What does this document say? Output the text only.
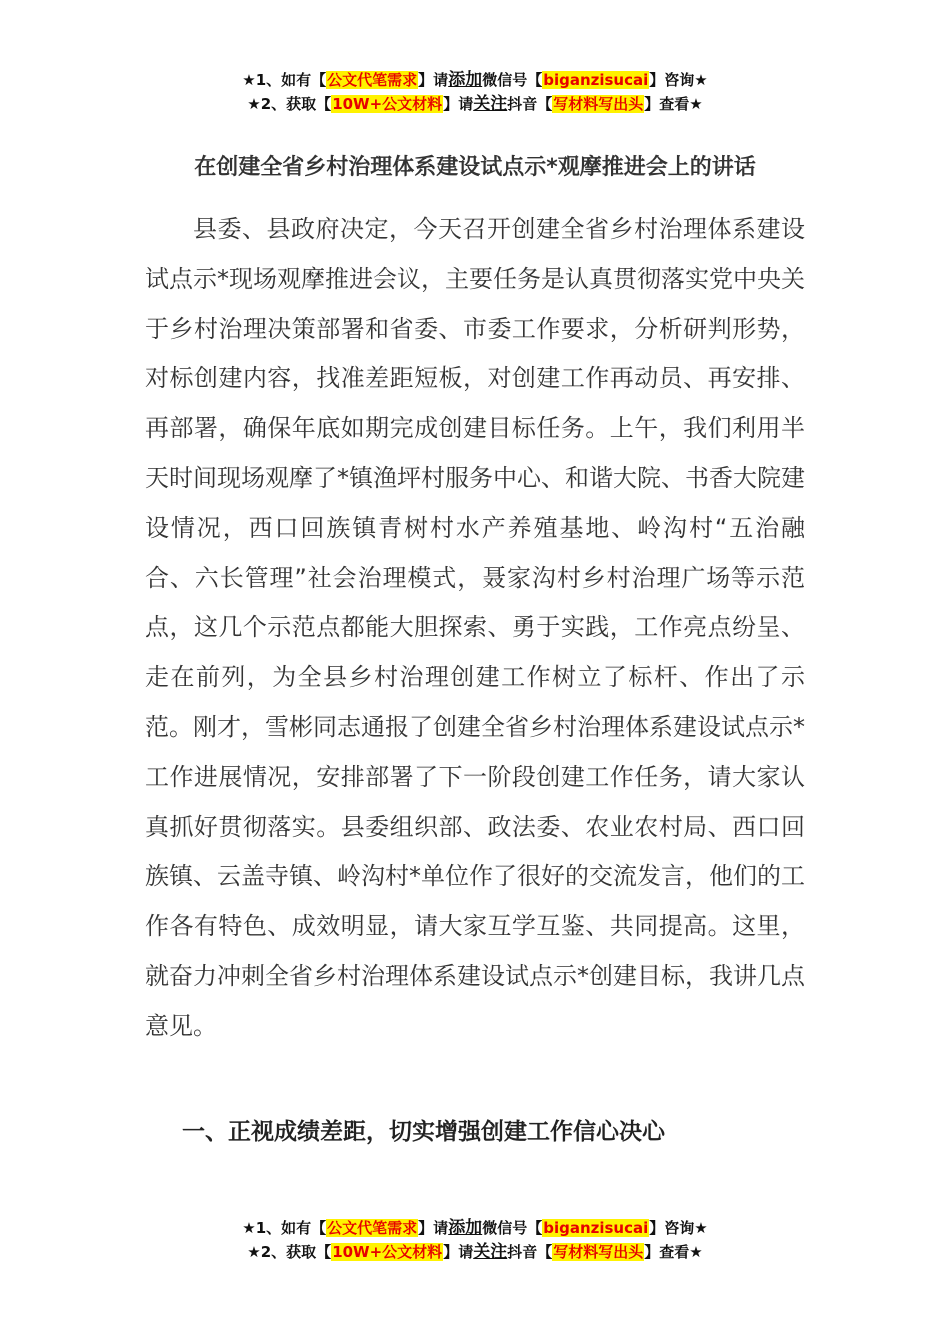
★1、如有【公文代笔需求】请添加微信号【biganzisucai】咨询★
★2、获取【10W+公文材料】请关注抖音【写材料写出头】查看★
在创建全省乡村治理体系建设试点示*观摩推进会上的讲话

县委、县政府决定，今天召开创建全省乡村治理体系建设试点示*现场观摩推进会议，主要任务是认真贯彻落实党中央关于乡村治理决策部署和省委、市委工作要求，分析研判形势，对标创建内容，找准差距短板，对创建工作再动员、再安排、再部署，确保年底如期完成创建目标任务。上午，我们利用半天时间现场观摩了*镇渔坪村服务中心、和谐大院、书香大院建设情况，西口回族镇青树村水产养殖基地、岭沟村“五治融合、六长管理”社会治理模式，聂家沟村乡村治理广场等示范点，这几个示范点都能大胆探索、勇于实践，工作亮点纷呈、走在前列，为全县乡村治理创建工作树立了标杆、作出了示范。刚才，雪彬同志通报了创建全省乡村治理体系建设试点示*工作进展情况，安排部署了下一阶段创建工作任务，请大家认真抓好贯彻落实。县委组织部、政法委、农业农村局、西口回族镇、云盖寺镇、岭沟村*单位作了很好的交流发言，他们的工作各有特色、成效明显，请大家互学互鉴、共同提高。这里，就奋力冲刺全省乡村治理体系建设试点示*创建目标，我讲几点意见。

一、正视成绩差距，切实增强创建工作信心决心

★1、如有【公文代笔需求】请添加微信号【biganzisucai】咨询★
★2、获取【10W+公文材料】请关注抖音【写材料写出头】查看★
